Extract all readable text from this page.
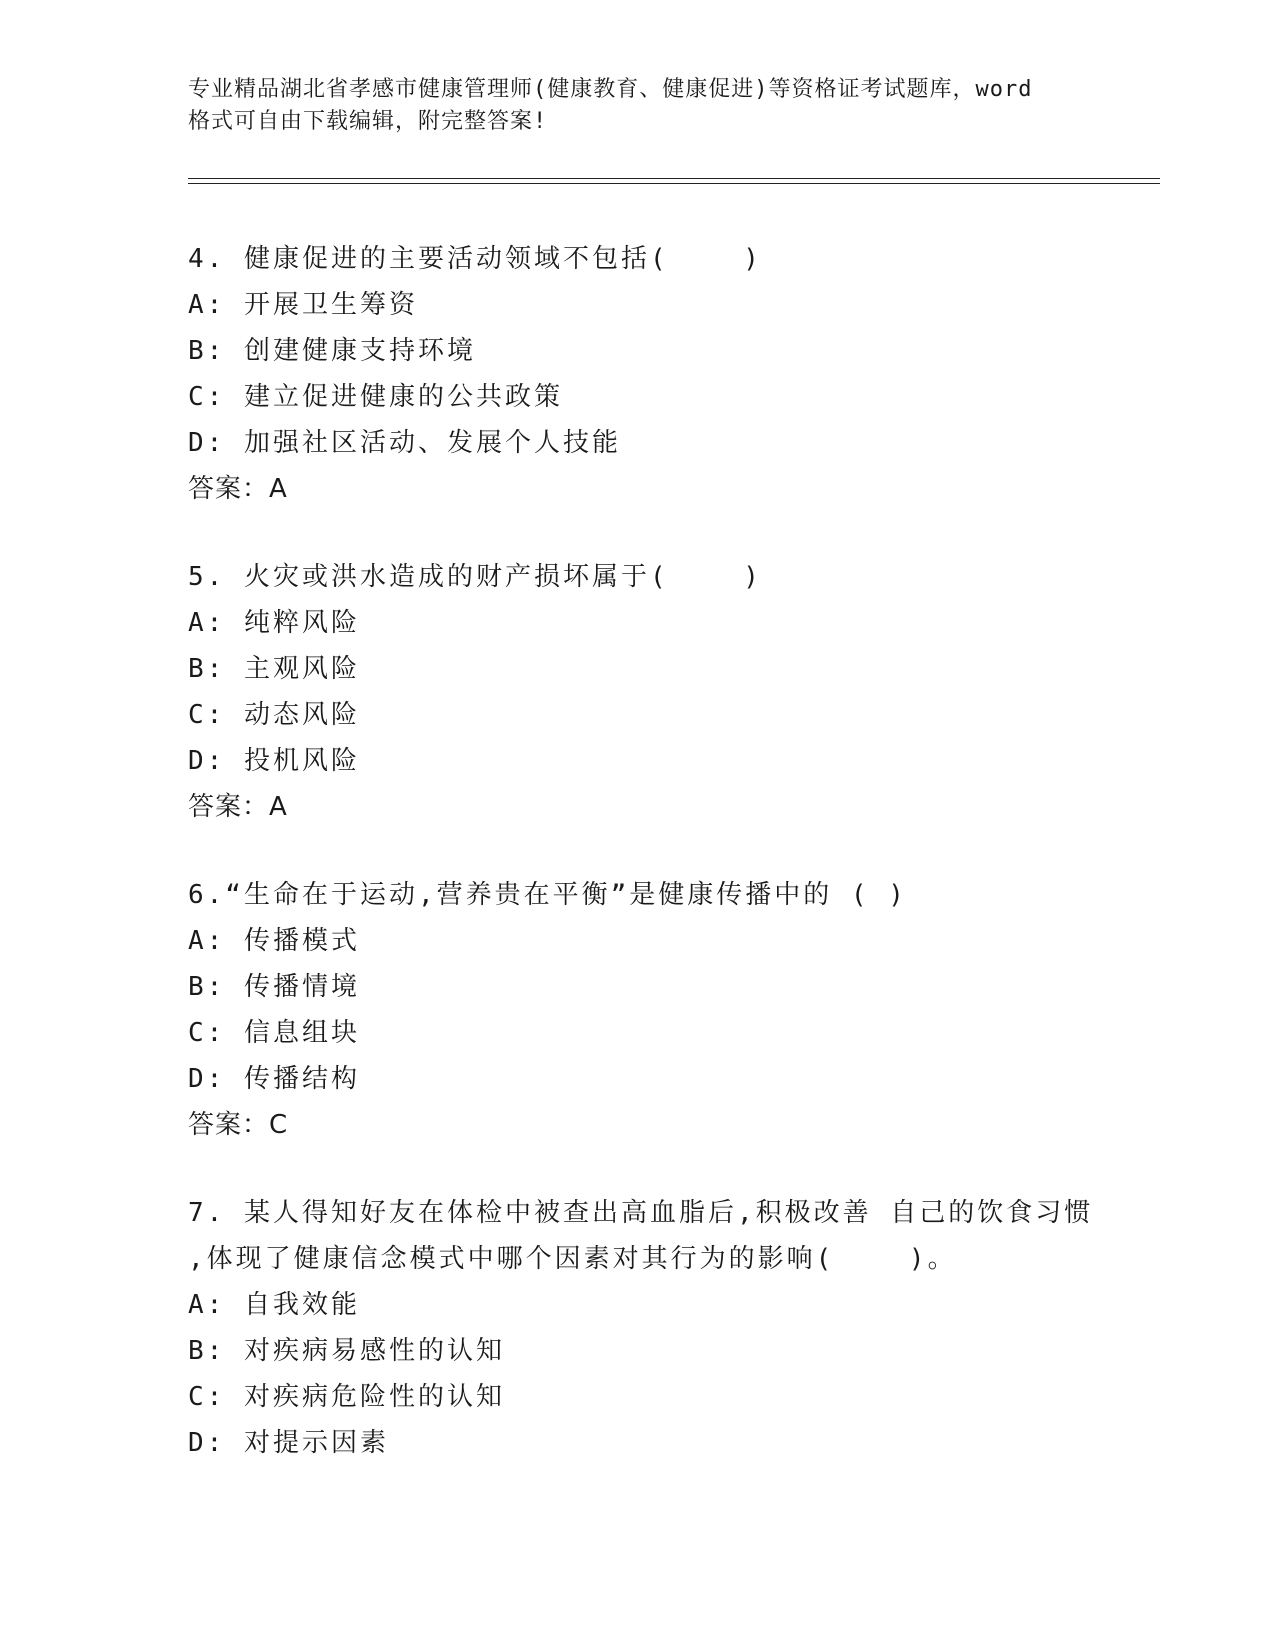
专业精品湖北省孝感市健康管理师(健康教育、健康促进)等资格证考试题库，word
格式可自由下载编辑，附完整答案!
4. 健康促进的主要活动领域不包括(    )
A: 开展卫生筹资
B: 创建健康支持环境
C: 建立促进健康的公共政策
D: 加强社区活动、发展个人技能
答案：A
5. 火灾或洪水造成的财产损坏属于(    )
A: 纯粹风险
B: 主观风险
C: 动态风险
D: 投机风险
答案：A
6.“生命在于运动,营养贵在平衡”是健康传播中的 ( )
A: 传播模式
B: 传播情境
C: 信息组块
D: 传播结构
答案：C
7. 某人得知好友在体检中被查出高血脂后,积极改善 自己的饮食习惯
,体现了健康信念模式中哪个因素对其行为的影响(    )。
A: 自我效能
B: 对疾病易感性的认知
C: 对疾病危险性的认知
D: 对提示因素
